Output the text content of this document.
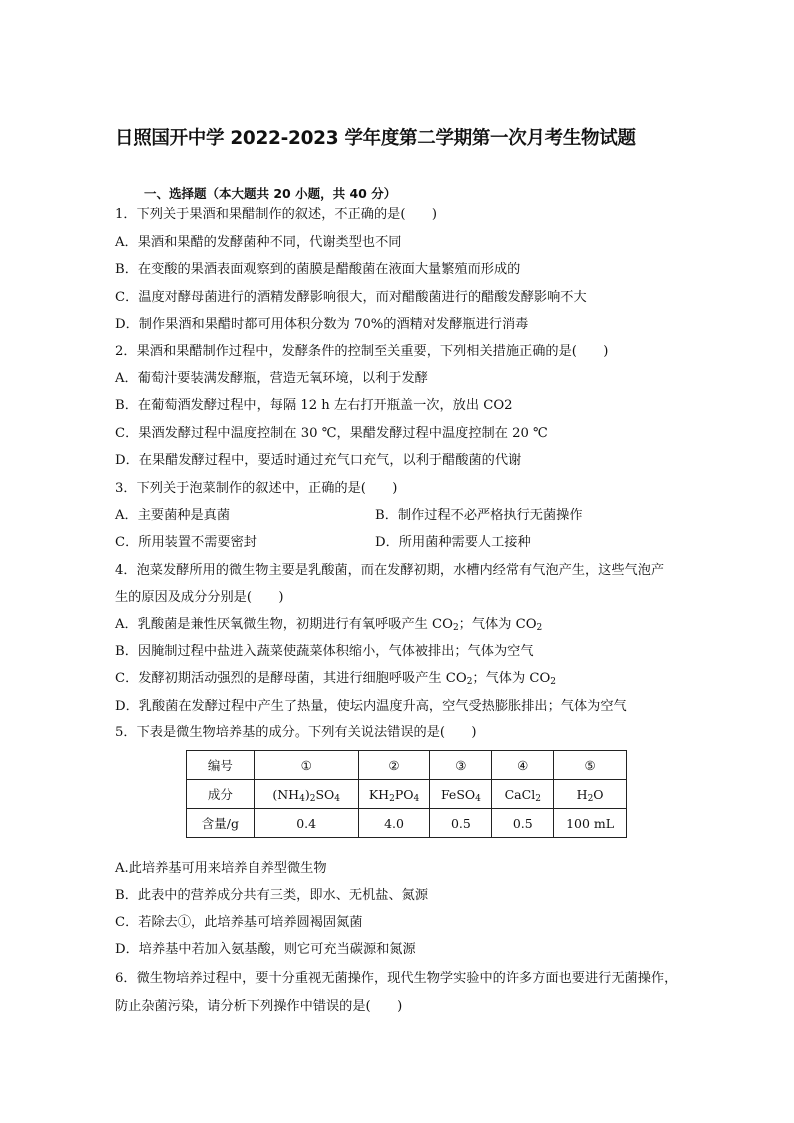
日照国开中学 2022-2023 学年度第二学期第一次月考生物试题
一、选择题（本大题共 20 小题，共 40 分）
1．下列关于果酒和果醋制作的叙述，不正确的是(　　)
A．果酒和果醋的发酵菌种不同，代谢类型也不同
B．在变酸的果酒表面观察到的菌膜是醋酸菌在液面大量繁殖而形成的
C．温度对酵母菌进行的酒精发酵影响很大，而对醋酸菌进行的醋酸发酵影响不大
D．制作果酒和果醋时都可用体积分数为 70%的酒精对发酵瓶进行消毒
2．果酒和果醋制作过程中，发酵条件的控制至关重要，下列相关措施正确的是(　　)
A．葡萄汁要装满发酵瓶，营造无氧环境，以利于发酵
B．在葡萄酒发酵过程中，每隔 12 h 左右打开瓶盖一次，放出 CO2
C．果酒发酵过程中温度控制在 30 ℃，果醋发酵过程中温度控制在 20 ℃
D．在果醋发酵过程中，要适时通过充气口充气，以利于醋酸菌的代谢
3．下列关于泡菜制作的叙述中，正确的是(　　)
A．主要菌种是真菌	B．制作过程不必严格执行无菌操作
C．所用装置不需要密封	D．所用菌种需要人工接种
4．泡菜发酵所用的微生物主要是乳酸菌，而在发酵初期，水槽内经常有气泡产生，这些气泡产
生的原因及成分分别是(　　)
A．乳酸菌是兼性厌氧微生物，初期进行有氧呼吸产生 $CO_2$；气体为 $CO_2$
B．因腌制过程中盐进入蔬菜使蔬菜体积缩小，气体被排出；气体为空气
C．发酵初期活动强烈的是酵母菌，其进行细胞呼吸产生 $CO_2$；气体为 $CO_2$
D．乳酸菌在发酵过程中产生了热量，使坛内温度升高，空气受热膨胀排出；气体为空气
5．下表是微生物培养基的成分。下列有关说法错误的是(　　)
编号	①	②	③	④	⑤
成分	$(NH_4)_2SO_4$	$KH_2PO_4$	FeSO$_4$	CaCl$_2$	$H_2O$
含量/g	0.4	4.0	0.5	0.5	100 mL
A.此培养基可用来培养自养型微生物
B．此表中的营养成分共有三类，即水、无机盐、氮源
C．若除去①，此培养基可培养圆褐固氮菌
D．培养基中若加入氨基酸，则它可充当碳源和氮源
6．微生物培养过程中，要十分重视无菌操作，现代生物学实验中的许多方面也要进行无菌操作，
防止杂菌污染，请分析下列操作中错误的是(　　)
